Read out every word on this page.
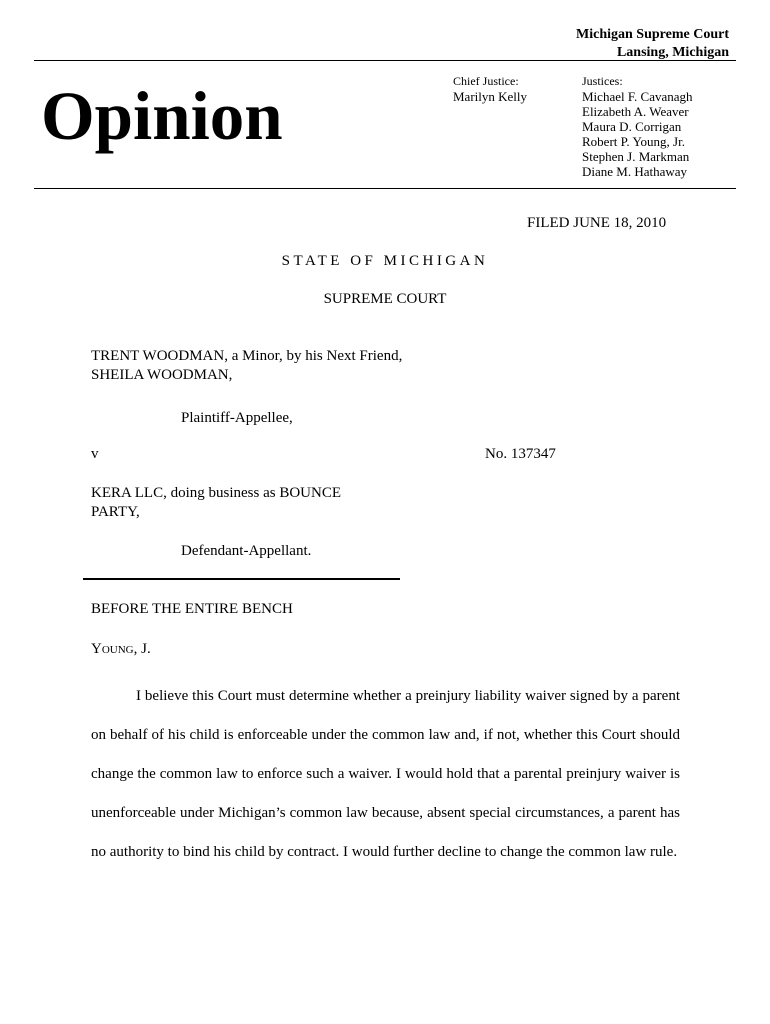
Michigan Supreme Court
Lansing, Michigan
Opinion	Chief Justice:
Marilyn Kelly
Justices:
Michael F. Cavanagh
Elizabeth A. Weaver
Maura D. Corrigan
Robert P. Young, Jr.
Stephen J. Markman
Diane M. Hathaway
FILED JUNE 18, 2010
STATE OF MICHIGAN
SUPREME COURT
TRENT WOODMAN, a Minor, by his Next Friend, SHEILA WOODMAN,
Plaintiff-Appellee,
v	No. 137347
KERA LLC, doing business as BOUNCE PARTY,
Defendant-Appellant.
BEFORE THE ENTIRE BENCH
YOUNG, J.
I believe this Court must determine whether a preinjury liability waiver signed by a parent on behalf of his child is enforceable under the common law and, if not, whether this Court should change the common law to enforce such a waiver. I would hold that a parental preinjury waiver is unenforceable under Michigan’s common law because, absent special circumstances, a parent has no authority to bind his child by contract. I would further decline to change the common law rule.
